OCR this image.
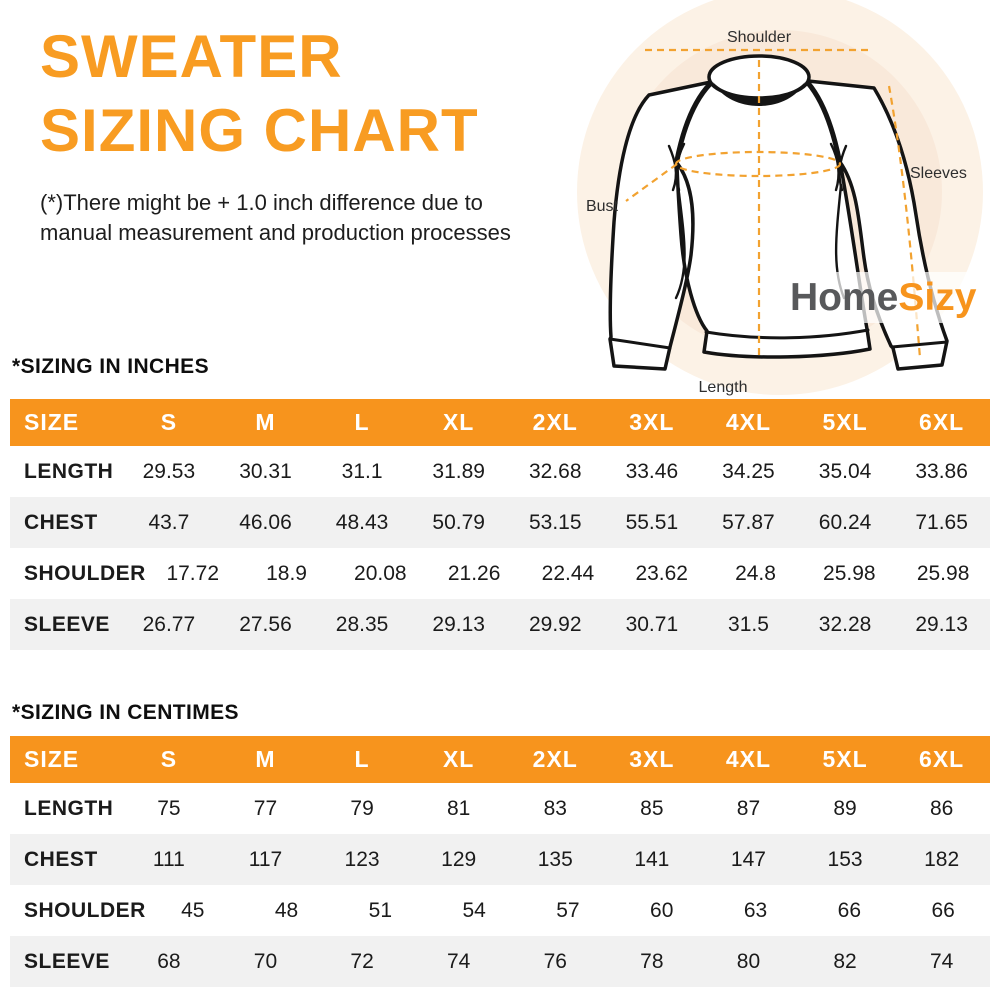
Shoulder
Sleeves
Bust
Length
HomeSizy
SWEATER
SIZING CHART
(*)There might be + 1.0 inch difference due to
manual measurement and production processes
*SIZING IN INCHES
SIZE	S	M	L	XL	2XL	3XL	4XL	5XL	6XL
LENGTH	29.53	30.31	31.1	31.89	32.68	33.46	34.25	35.04	33.86
CHEST	43.7	46.06	48.43	50.79	53.15	55.51	57.87	60.24	71.65
SHOULDER 17.72	18.9	20.08	21.26	22.44	23.62	24.8	25.98	25.98
SLEEVE	26.77	27.56	28.35	29.13	29.92	30.71	31.5	32.28	29.13
*SIZING IN CENTIMES
SIZE	S	M	L	XL	2XL	3XL	4XL	5XL	6XL
LENGTH	75	77	79	81	83	85	87	89	86
CHEST	111	117	123	129	135	141	147	153	182
SHOULDER	45	48	51	54	57	60	63	66	66
SLEEVE	68	70	72	74	76	78	80	82	74
